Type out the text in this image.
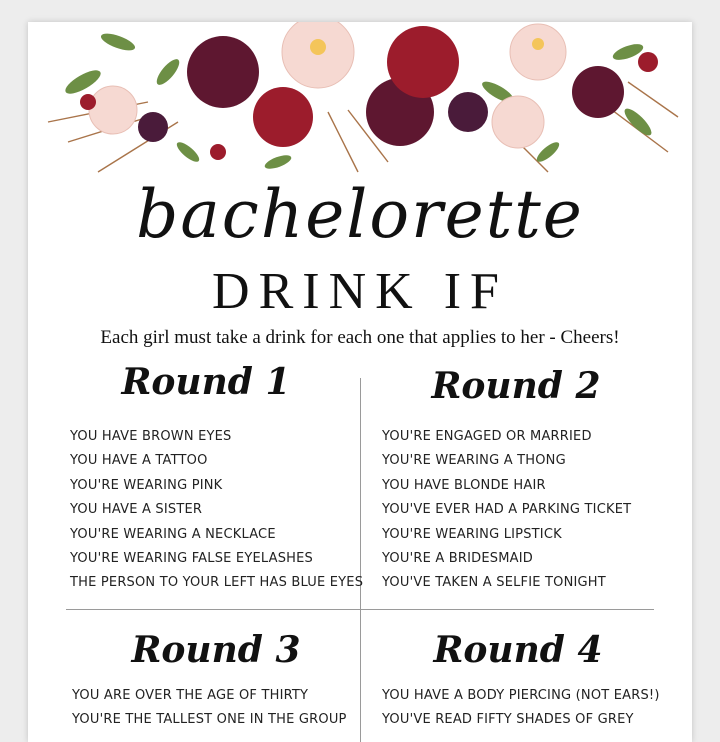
bachelorette
DRINK IF
Each girl must take a drink for each one that applies to her - Cheers!
Round 1
YOU HAVE BROWN EYES
YOU HAVE A TATTOO
YOU'RE WEARING PINK
YOU HAVE A SISTER
YOU'RE WEARING A NECKLACE
YOU'RE WEARING FALSE EYELASHES
THE PERSON TO YOUR LEFT HAS BLUE EYES
Round 2
YOU'RE ENGAGED OR MARRIED
YOU'RE WEARING A THONG
YOU HAVE BLONDE HAIR
YOU'VE EVER HAD A PARKING TICKET
YOU'RE WEARING LIPSTICK
YOU'RE A BRIDESMAID
YOU'VE TAKEN A SELFIE TONIGHT
Round 3
YOU ARE OVER THE AGE OF THIRTY
YOU'RE THE TALLEST ONE IN THE GROUP
Round 4
YOU HAVE A BODY PIERCING (NOT EARS!)
YOU'VE READ FIFTY SHADES OF GREY
